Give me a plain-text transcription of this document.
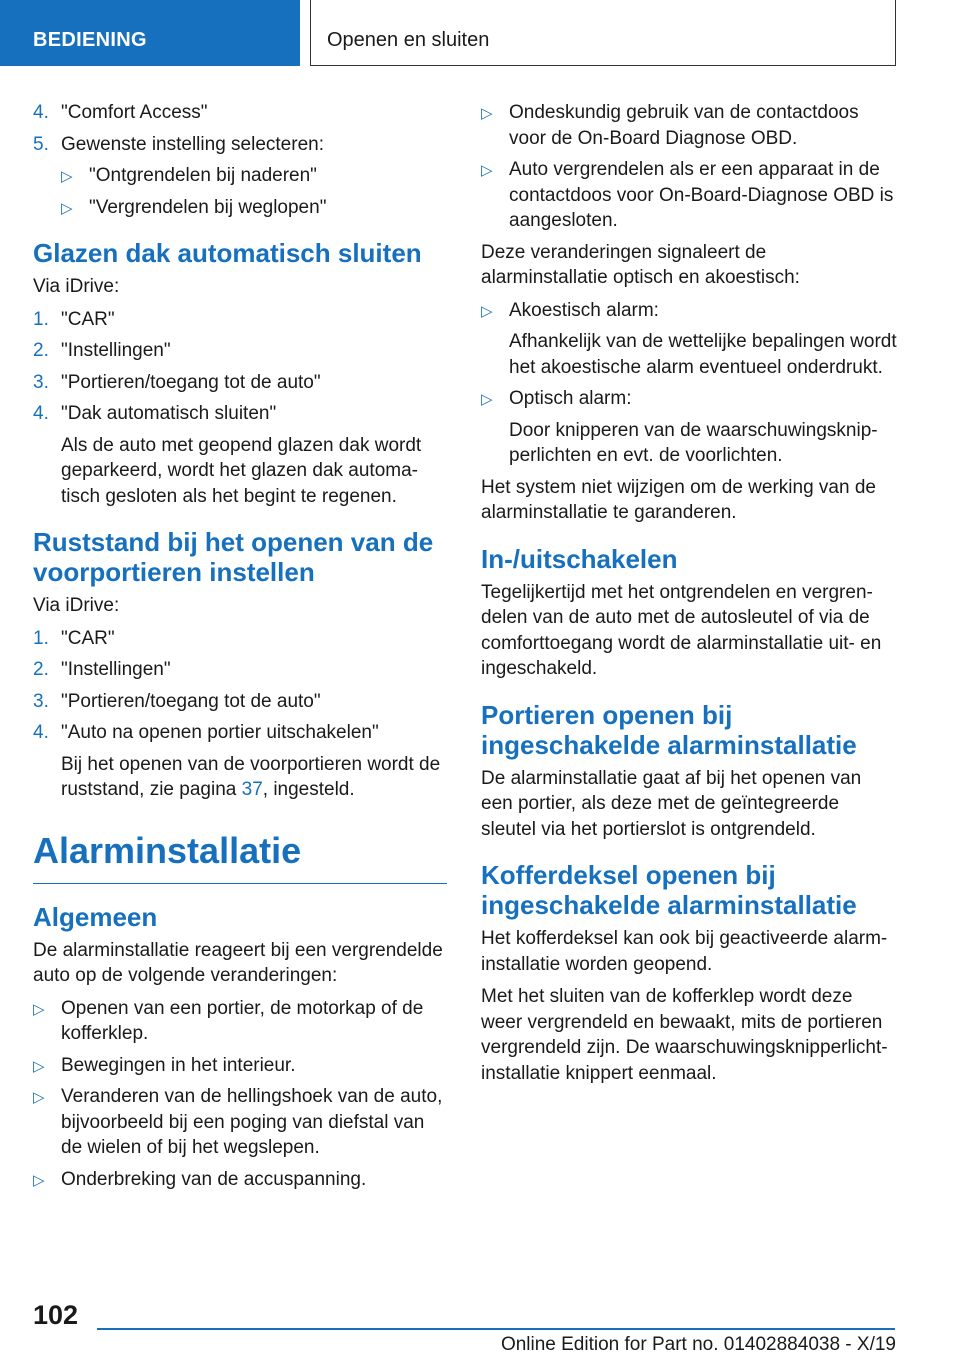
BEDIENING	Openen en sluiten
4. "Comfort Access"
5. Gewenste instelling selecteren:
▷ "Ontgrendelen bij naderen"
▷ "Vergrendelen bij weglopen"
Glazen dak automatisch sluiten
Via iDrive:
1. "CAR"
2. "Instellingen"
3. "Portieren/toegang tot de auto"
4. "Dak automatisch sluiten"
Als de auto met geopend glazen dak wordt geparkeerd, wordt het glazen dak automatisch gesloten als het begint te regenen.
Ruststand bij het openen van de voorportieren instellen
Via iDrive:
1. "CAR"
2. "Instellingen"
3. "Portieren/toegang tot de auto"
4. "Auto na openen portier uitschakelen"
Bij het openen van de voorportieren wordt de ruststand, zie pagina 37, ingesteld.
Alarminstallatie
Algemeen
De alarminstallatie reageert bij een vergrendelde auto op de volgende veranderingen:
▷ Openen van een portier, de motorkap of de kofferklep.
▷ Bewegingen in het interieur.
▷ Veranderen van de hellingshoek van de auto, bijvoorbeeld bij een poging van diefstal van de wielen of bij het wegslepen.
▷ Onderbreking van de accuspanning.
▷ Ondeskundig gebruik van de contactdoos voor de On-Board Diagnose OBD.
▷ Auto vergrendelen als er een apparaat in de contactdoos voor On-Board-Diagnose OBD is aangesloten.
Deze veranderingen signaleert de alarminstallatie optisch en akoestisch:
▷ Akoestisch alarm:
Afhankelijk van de wettelijke bepalingen wordt het akoestische alarm eventueel onderdrukt.
▷ Optisch alarm:
Door knipperen van de waarschuwingsknipperlichten en evt. de voorlichten.
Het system niet wijzigen om de werking van de alarminstallatie te garanderen.
In-/uitschakelen
Tegelijkertijd met het ontgrendelen en vergrendelen van de auto met de autosleutel of via de comforttoegang wordt de alarminstallatie uit- en ingeschakeld.
Portieren openen bij ingeschakelde alarminstallatie
De alarminstallatie gaat af bij het openen van een portier, als deze met de geïntegreerde sleutel via het portierslot is ontgrendeld.
Kofferdeksel openen bij ingeschakelde alarminstallatie
Het kofferdeksel kan ook bij geactiveerde alarminstallatie worden geopend.
Met het sluiten van de kofferklep wordt deze weer vergrendeld en bewaakt, mits de portieren vergrendeld zijn. De waarschuwingsknipperlichtinstallatie knippert eenmaal.
102
Online Edition for Part no. 01402884038 - X/19
